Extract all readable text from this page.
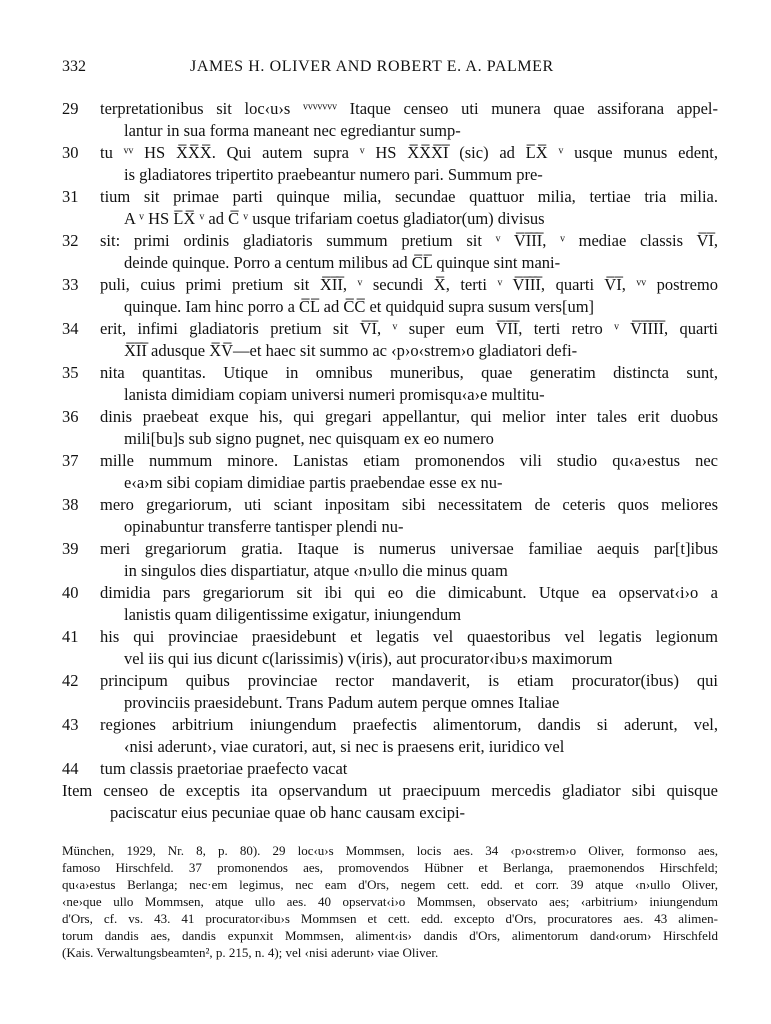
332	JAMES H. OLIVER AND ROBERT E. A. PALMER
29 terpretationibus sit loc‹u›s ᵛᵛᵛᵛᵛᵛᵛ Itaque censeo uti munera quae assiforana appel-
lantur in sua forma maneant nec egrediantur sump-
30 tu ᵛᵛ HS X̅X̅X̅. Qui autem supra ᵛ HS X̅X̅X̅I̅ (sic) ad L̅X̅ ᵛ usque munus edent,
is gladiatores tripertito praebeantur numero pari. Summum pre-
31 tium sit primae parti quinque milia, secundae quattuor milia, tertiae tria milia.
A ᵛ HS L̅X̅ ᵛ ad C̅ ᵛ usque trifariam coetus gladiator(um) divisus
32 sit: primi ordinis gladiatoris summum pretium sit ᵛ V̅I̅I̅I̅, ᵛ mediae classis V̅I̅,
deinde quinque. Porro a centum milibus ad C̅L̅ quinque sint mani-
33 puli, cuius primi pretium sit X̅I̅I̅, ᵛ secundi X̅, terti ᵛ V̅I̅I̅I̅, quarti V̅I̅, ᵛᵛ postremo
quinque. Iam hinc porro a C̅L̅ ad C̅C̅ et quidquid supra susum vers[um]
34 erit, infimi gladiatoris pretium sit V̅I̅, ᵛ super eum V̅I̅I̅, terti retro ᵛ V̅I̅I̅I̅I̅, quarti
X̅I̅I̅ adusque X̅V̅—et haec sit summo ac ‹p›o‹strem›o gladiatori defi-
35 nita quantitas. Utique in omnibus muneribus, quae generatim distincta sunt,
lanista dimidiam copiam universi numeri promisqu‹a›e multitu-
36 dinis praebeat exque his, qui gregari appellantur, qui melior inter tales erit duobus
mili[bu]s sub signo pugnet, nec quisquam ex eo numero
37 mille nummum minore. Lanistas etiam promonendos vili studio qu‹a›estus nec
e‹a›m sibi copiam dimidiae partis praebendae esse ex nu-
38 mero gregariorum, uti sciant inpositam sibi necessitatem de ceteris quos meliores
opinabuntur transferre tantisper plendi nu-
39 meri gregariorum gratia. Itaque is numerus universae familiae aequis par[t]ibus
in singulos dies dispartiatur, atque ‹n›ullo die minus quam
40 dimidia pars gregariorum sit ibi qui eo die dimicabunt. Utque ea opservat‹i›o a
lanistis quam diligentissime exigatur, iniungendum
41 his qui provinciae praesidebunt et legatis vel quaestoribus vel legatis legionum
vel iis qui ius dicunt c(larissimis) v(iris), aut procurator‹ibu›s maximorum
42 principum quibus provinciae rector mandaverit, is etiam procurator(ibus) qui
provinciis praesidebunt. Trans Padum autem perque omnes Italiae
43 regiones arbitrium iniungendum praefectis alimentorum, dandis si aderunt, vel,
‹nisi aderunt›, viae curatori, aut, si nec is praesens erit, iuridico vel
44 tum classis praetoriae praefecto vacat
Item censeo de exceptis ita opservandum ut praecipuum mercedis gladiator sibi quisque
paciscatur eius pecuniae quae ob hanc causam excipi-
München, 1929, Nr. 8, p. 80). 29 loc‹u›s Mommsen, locis aes. 34 ‹p›o‹strem›o Oliver, formonso aes,
famoso Hirschfeld. 37 promonendos aes, promovendos Hübner et Berlanga, praemonendos Hirschfeld;
qu‹a›estus Berlanga; nec·em legimus, nec eam d'Ors, negem cett. edd. et corr. 39 atque ‹n›ullo Oliver,
‹ne›que ullo Mommsen, atque ullo aes. 40 opservat‹i›o Mommsen, observato aes; ‹arbitrium› iniungendum
d'Ors, cf. vs. 43. 41 procurator‹ibu›s Mommsen et cett. edd. excepto d'Ors, procuratores aes. 43 alimen-
torum dandis aes, dandis expunxit Mommsen, aliment‹is› dandis d'Ors, alimentorum dand‹orum› Hirschfeld
(Kais. Verwaltungsbeamten², p. 215, n. 4); vel ‹nisi aderunt› viae Oliver.
